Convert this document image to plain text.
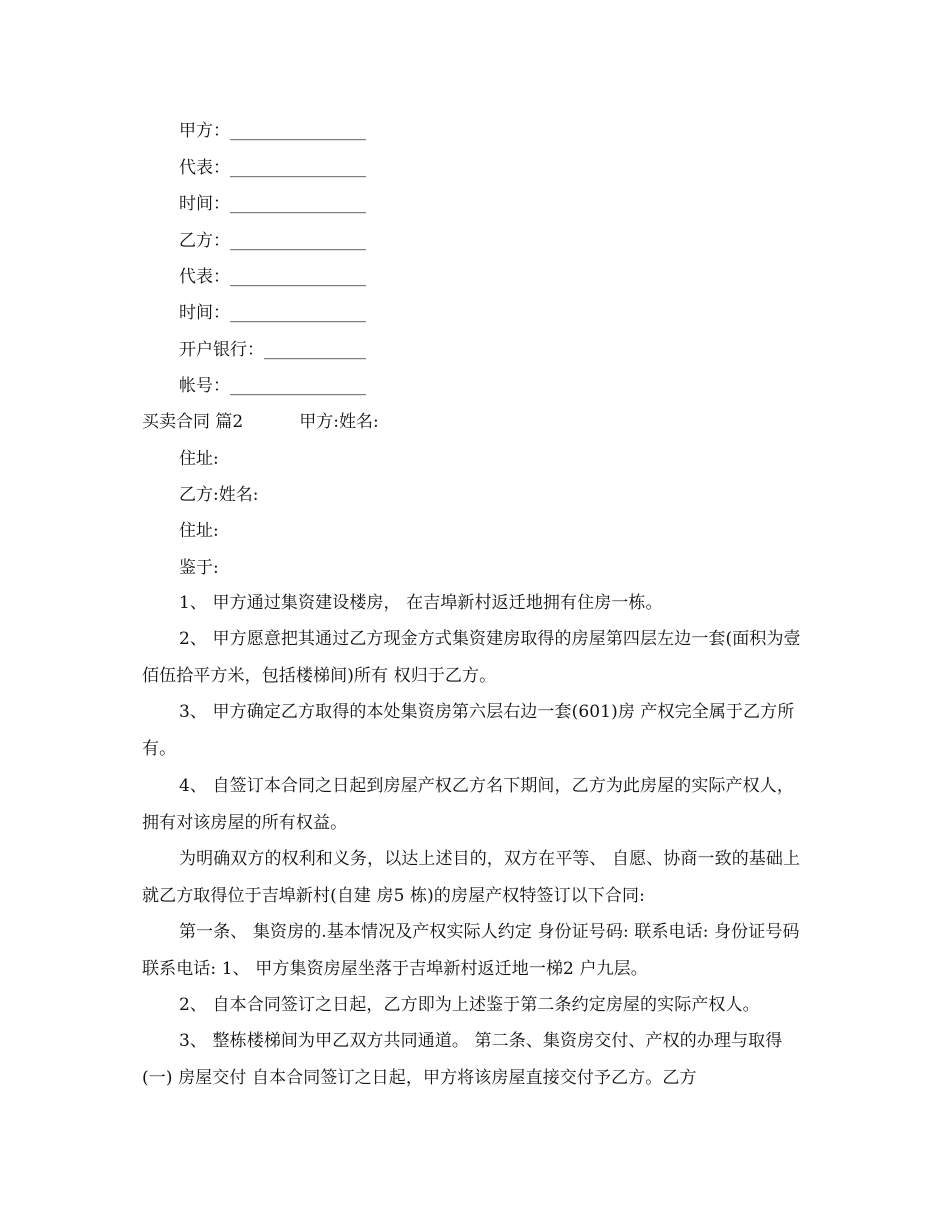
甲方：________________
代表：________________
时间：________________
乙方：________________
代表：________________
时间：________________
开户银行：____________
帐号：________________
买卖合同 篇2	甲方:姓名:
住址:
乙方:姓名:
住址:
鉴于:

1、 甲方通过集资建设楼房， 在吉埠新村返迁地拥有住房一栋。

2、 甲方愿意把其通过乙方现金方式集资建房取得的房屋第四层左边一套(面积为壹佰伍拾平方米，包括楼梯间)所有 权归于乙方。

3、 甲方确定乙方取得的本处集资房第六层右边一套(601)房 产权完全属于乙方所有。

4、 自签订本合同之日起到房屋产权乙方名下期间，乙方为此房屋的实际产权人，拥有对该房屋的所有权益。

为明确双方的权利和义务，以达上述目的，双方在平等、 自愿、协商一致的基础上就乙方取得位于吉埠新村(自建 房5 栋)的房屋产权特签订以下合同:

第一条、 集资房的.基本情况及产权实际人约定 身份证号码: 联系电话: 身份证号码 联系电话: 1、 甲方集资房屋坐落于吉埠新村返迁地一梯2 户九层。

2、 自本合同签订之日起，乙方即为上述鉴于第二条约定房屋的实际产权人。

3、 整栋楼梯间为甲乙双方共同通道。 第二条、集资房交付、产权的办理与取得 (一) 房屋交付 自本合同签订之日起，甲方将该房屋直接交付予乙方。乙方
